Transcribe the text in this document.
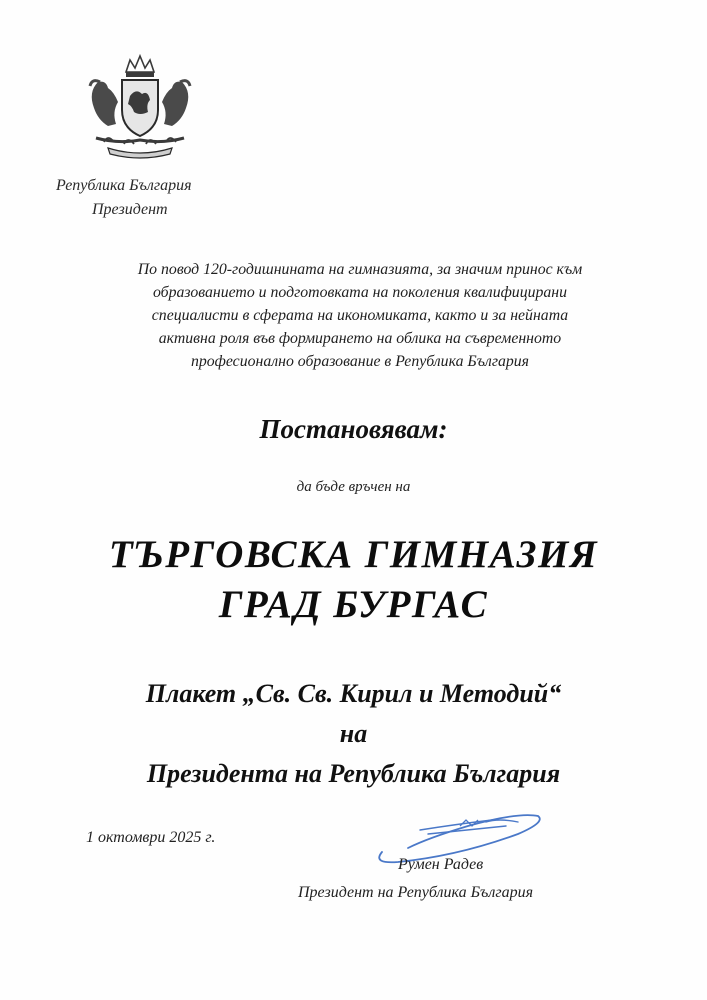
Република България
Президент
По повод 120-годишнината на гимназията, за значим принос към
образованието и подготовката на поколения квалифицирани
специалисти в сферата на икономиката, както и за нейната
активна роля във формирането на облика на съвременното
професионално образование в Република България
Постановявам:
да бъде връчен на
ТЪРГОВСКА ГИМНАЗИЯ
ГРАД БУРГАС
Плакет „Св. Св. Кирил и Методий“
на
Президента на Република България
1 октомври 2025 г.
Румен Радев
Президент на Република България
